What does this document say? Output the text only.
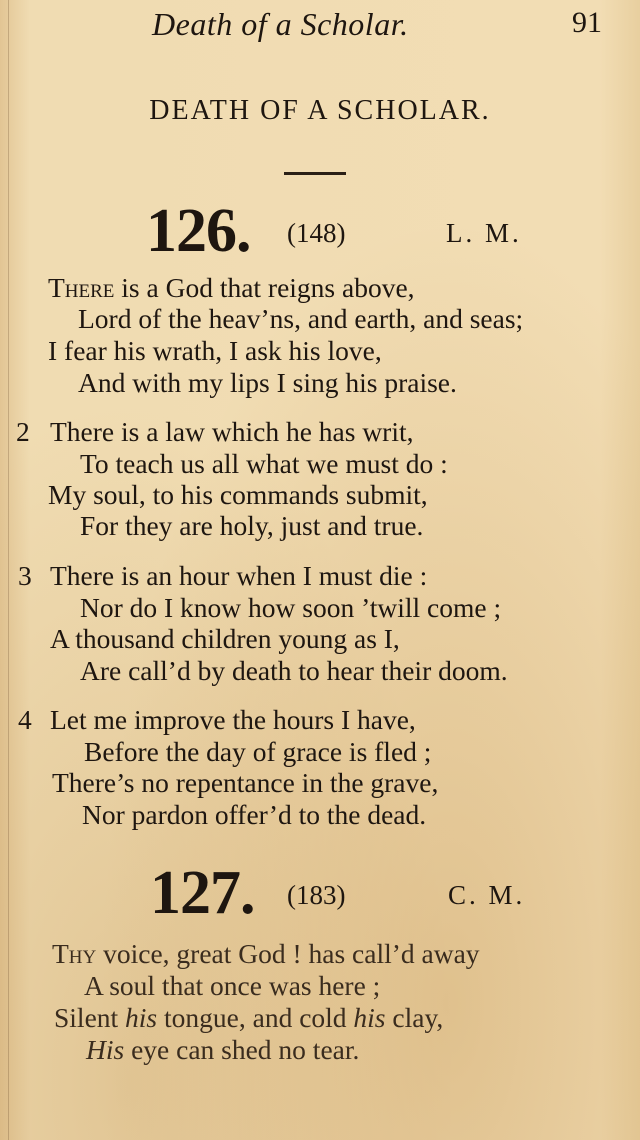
Death of a Scholar.	91
DEATH OF A SCHOLAR.
126. (148)	L. M.
There is a God that reigns above,
Lord of the heav’ns, and earth, and seas;
I fear his wrath, I ask his love,
And with my lips I sing his praise.
2 There is a law which he has writ,
To teach us all what we must do :
My soul, to his commands submit,
For they are holy, just and true.
3 There is an hour when I must die :
Nor do I know how soon ’twill come ;
A thousand children young as I,
Are call’d by death to hear their doom.
4 Let me improve the hours I have,
Before the day of grace is fled ;
There’s no repentance in the grave,
Nor pardon offer’d to the dead.
127. (183)	C. M.
Thy voice, great God ! has call’d away
A soul that once was here ;
Silent his tongue, and cold his clay,
His eye can shed no tear.
